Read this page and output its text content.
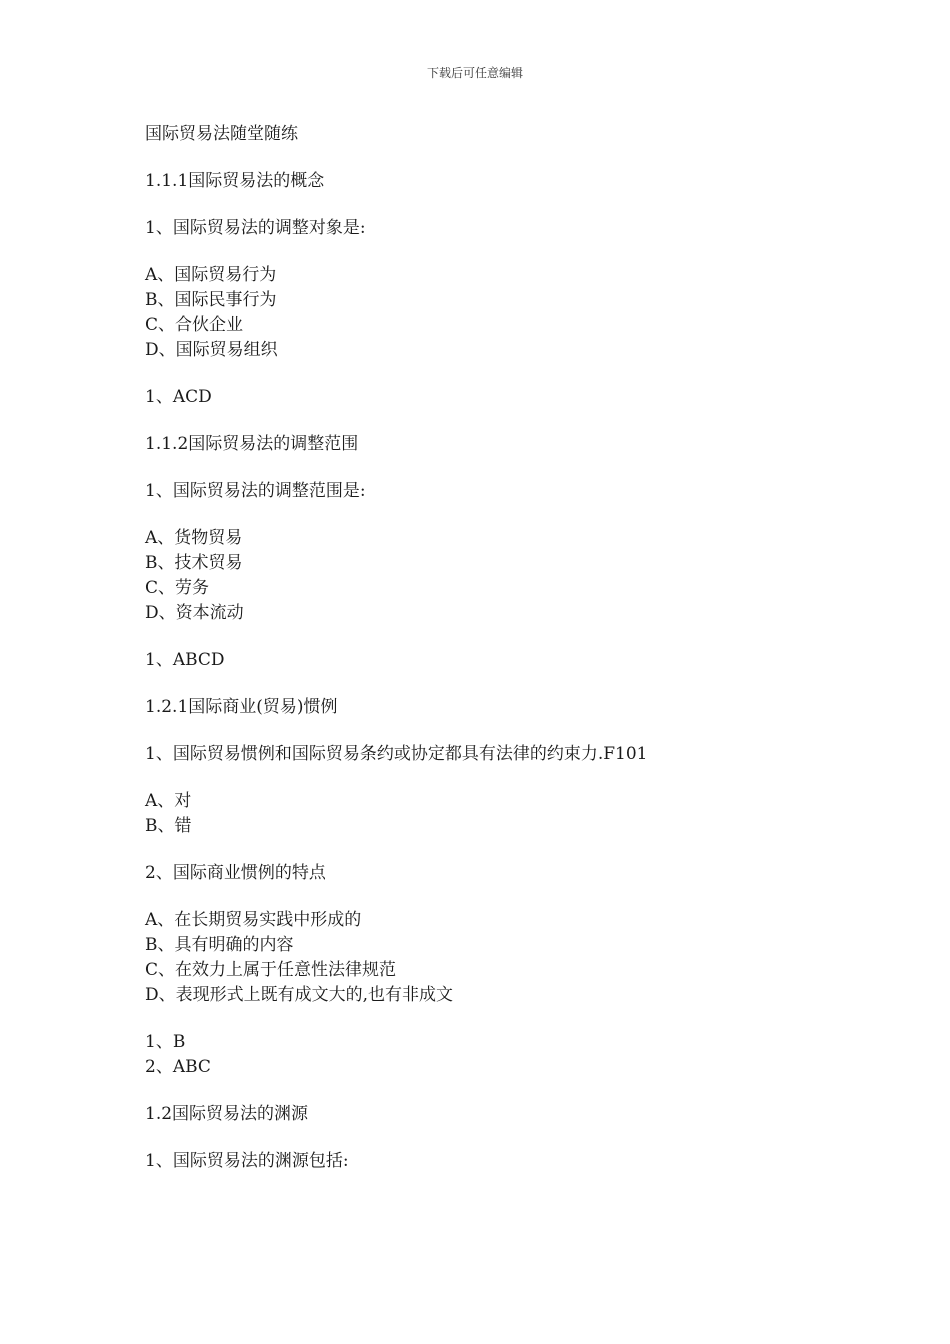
下载后可任意编辑
国际贸易法随堂随练
1.1.1国际贸易法的概念
1、国际贸易法的调整对象是:
A、国际贸易行为
B、国际民事行为
C、合伙企业
D、国际贸易组织
1、ACD
1.1.2国际贸易法的调整范围
1、国际贸易法的调整范围是:
A、货物贸易
B、技术贸易
C、劳务
D、资本流动
1、ABCD
1.2.1国际商业(贸易)惯例
1、国际贸易惯例和国际贸易条约或协定都具有法律的约束力.F101
A、对
B、错
2、国际商业惯例的特点
A、在长期贸易实践中形成的
B、具有明确的内容
C、在效力上属于任意性法律规范
D、表现形式上既有成文大的,也有非成文
1、B
2、ABC
1.2国际贸易法的渊源
1、国际贸易法的渊源包括:
